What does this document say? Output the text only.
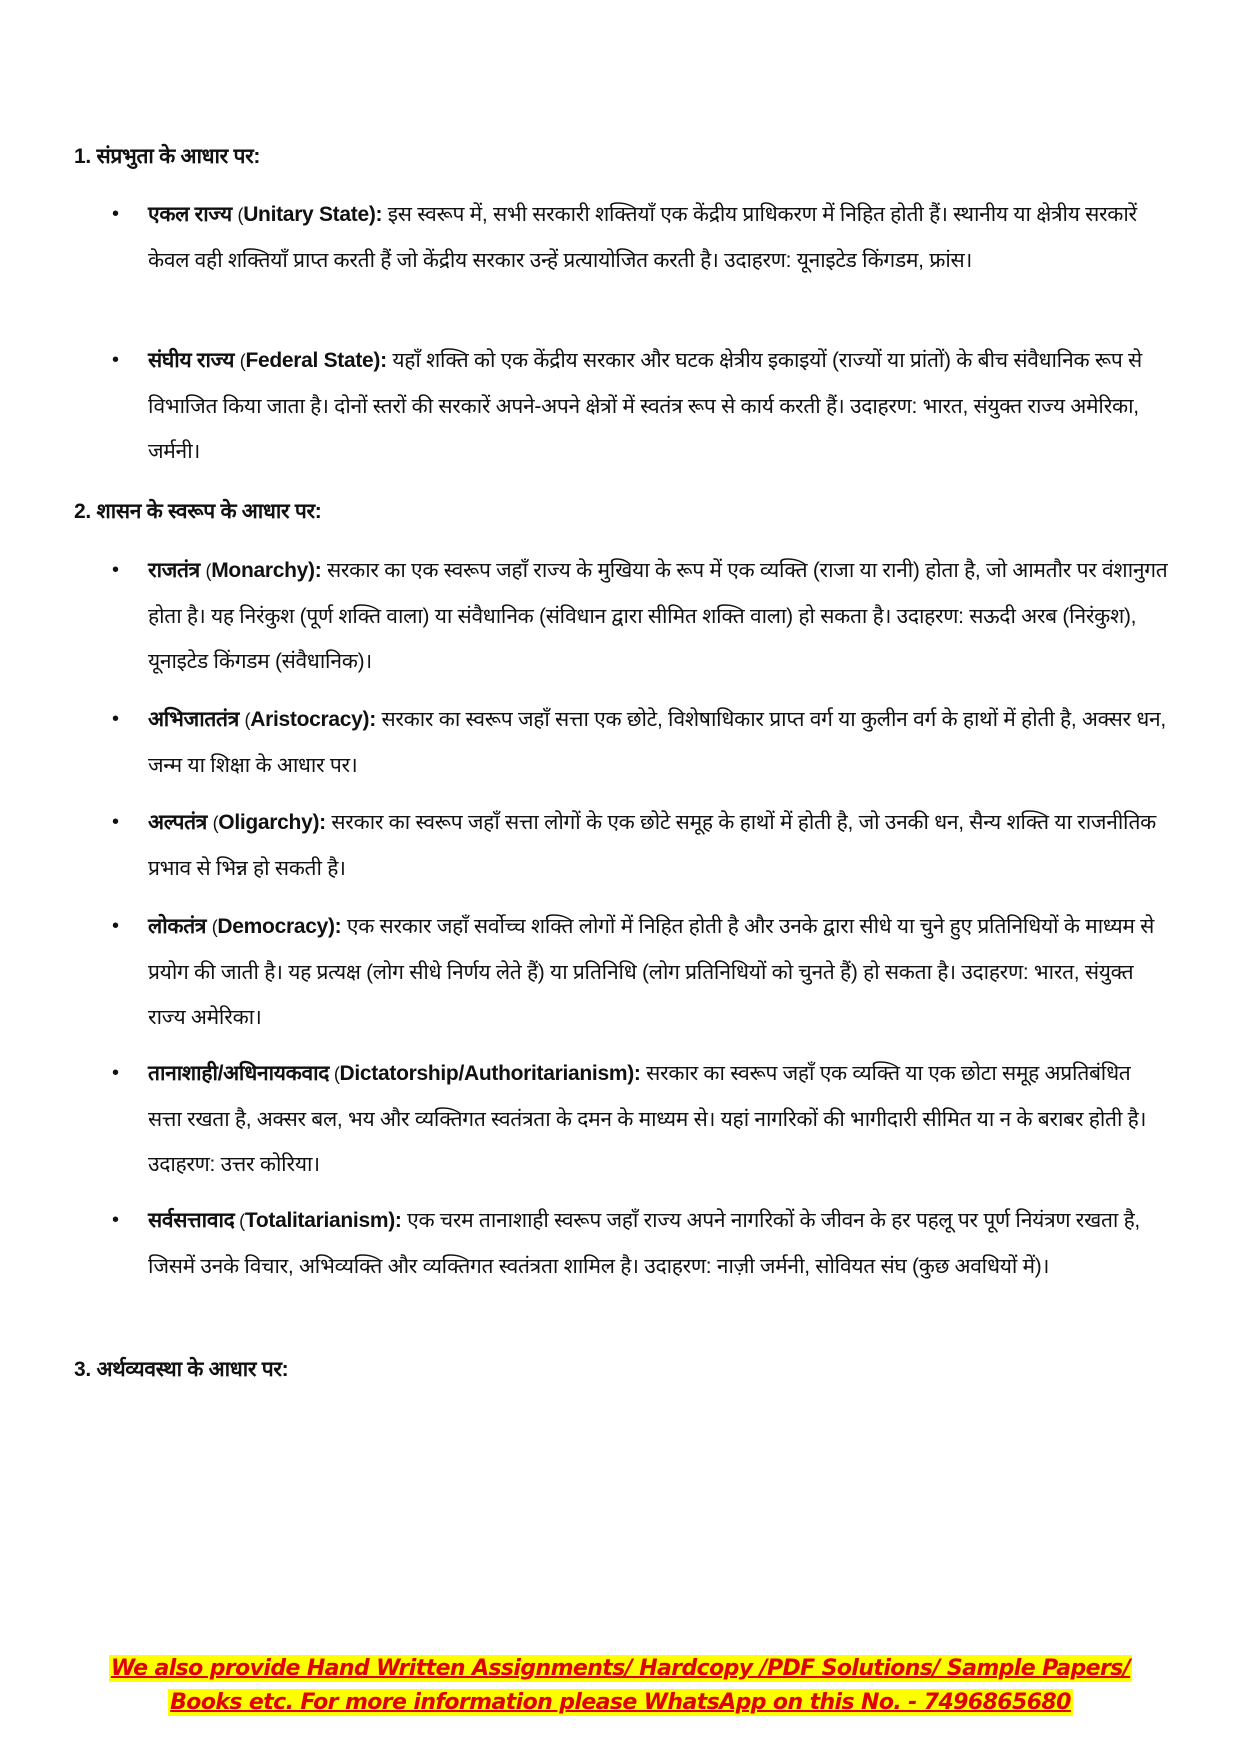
1. संप्रभुता के आधार पर:
• एकल राज्य (Unitary State): इस स्वरूप में, सभी सरकारी शक्तियाँ एक केंद्रीय प्राधिकरण में निहित होती हैं। स्थानीय या क्षेत्रीय सरकारें केवल वही शक्तियाँ प्राप्त करती हैं जो केंद्रीय सरकार उन्हें प्रत्यायोजित करती है। उदाहरण: यूनाइटेड किंगडम, फ्रांस।
• संघीय राज्य (Federal State): यहाँ शक्ति को एक केंद्रीय सरकार और घटक क्षेत्रीय इकाइयों (राज्यों या प्रांतों) के बीच संवैधानिक रूप से विभाजित किया जाता है। दोनों स्तरों की सरकारें अपने-अपने क्षेत्रों में स्वतंत्र रूप से कार्य करती हैं। उदाहरण: भारत, संयुक्त राज्य अमेरिका, जर्मनी।
2. शासन के स्वरूप के आधार पर:
• राजतंत्र (Monarchy): सरकार का एक स्वरूप जहाँ राज्य के मुखिया के रूप में एक व्यक्ति (राजा या रानी) होता है, जो आमतौर पर वंशानुगत होता है। यह निरंकुश (पूर्ण शक्ति वाला) या संवैधानिक (संविधान द्वारा सीमित शक्ति वाला) हो सकता है। उदाहरण: सऊदी अरब (निरंकुश), यूनाइटेड किंगडम (संवैधानिक)।
• अभिजाततंत्र (Aristocracy): सरकार का स्वरूप जहाँ सत्ता एक छोटे, विशेषाधिकार प्राप्त वर्ग या कुलीन वर्ग के हाथों में होती है, अक्सर धन, जन्म या शिक्षा के आधार पर।
• अल्पतंत्र (Oligarchy): सरकार का स्वरूप जहाँ सत्ता लोगों के एक छोटे समूह के हाथों में होती है, जो उनकी धन, सैन्य शक्ति या राजनीतिक प्रभाव से भिन्न हो सकती है।
• लोकतंत्र (Democracy): एक सरकार जहाँ सर्वोच्च शक्ति लोगों में निहित होती है और उनके द्वारा सीधे या चुने हुए प्रतिनिधियों के माध्यम से प्रयोग की जाती है। यह प्रत्यक्ष (लोग सीधे निर्णय लेते हैं) या प्रतिनिधि (लोग प्रतिनिधियों को चुनते हैं) हो सकता है। उदाहरण: भारत, संयुक्त राज्य अमेरिका।
• तानाशाही/अधिनायकवाद (Dictatorship/Authoritarianism): सरकार का स्वरूप जहाँ एक व्यक्ति या एक छोटा समूह अप्रतिबंधित सत्ता रखता है, अक्सर बल, भय और व्यक्तिगत स्वतंत्रता के दमन के माध्यम से। यहां नागरिकों की भागीदारी सीमित या न के बराबर होती है। उदाहरण: उत्तर कोरिया।
• सर्वसत्तावाद (Totalitarianism): एक चरम तानाशाही स्वरूप जहाँ राज्य अपने नागरिकों के जीवन के हर पहलू पर पूर्ण नियंत्रण रखता है, जिसमें उनके विचार, अभिव्यक्ति और व्यक्तिगत स्वतंत्रता शामिल है। उदाहरण: नाज़ी जर्मनी, सोवियत संघ (कुछ अवधियों में)।
3. अर्थव्यवस्था के आधार पर:
We also provide Hand Written Assignments/ Hardcopy /PDF Solutions/ Sample Papers/
Books etc. For more information please WhatsApp on this No. - 7496865680
